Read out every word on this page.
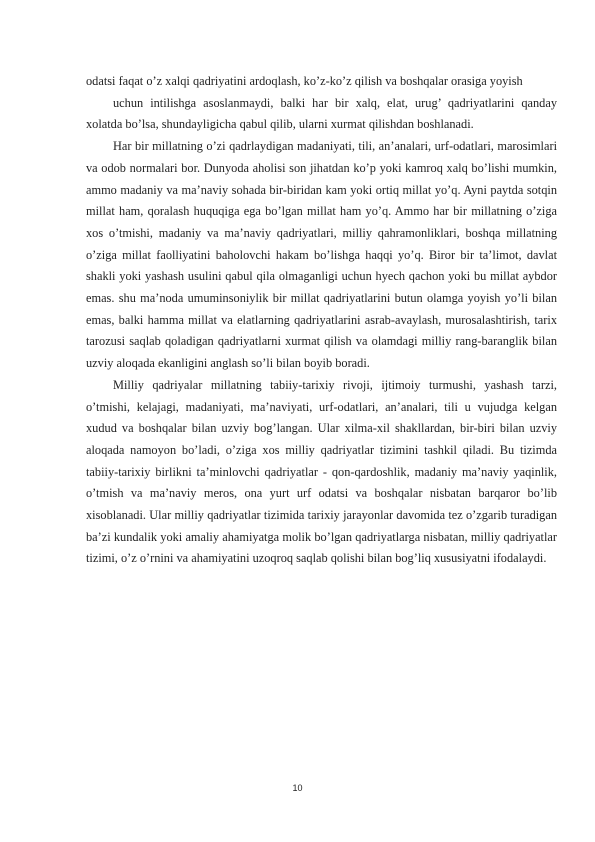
odatsi faqat o’z xalqi qadriyatini ardoqlash, ko’z-ko’z qilish va boshqalar orasiga yoyish

uchun intilishga asoslanmaydi, balki har bir xalq, elat, urug’ qadriyatlarini qanday xolatda bo’lsa, shundayligicha qabul qilib, ularni xurmat qilishdan boshlanadi.

Har bir millatning o’zi qadrlaydigan madaniyati, tili, an’analari, urf-odatlari, marosimlari va odob normalari bor. Dunyoda aholisi son jihatdan ko’p yoki kamroq xalq bo’lishi mumkin, ammo madaniy va ma’naviy sohada bir-biridan kam yoki ortiq millat yo’q. Ayni paytda sotqin millat ham, qoralash huquqiga ega bo’lgan millat ham yo’q. Ammo har bir millatning o’ziga xos o’tmishi, madaniy va ma’naviy qadriyatlari, milliy qahramonliklari, boshqa millatning o’ziga millat faolliyatini baholovchi hakam bo’lishga haqqi yo’q. Biror bir ta’limot, davlat shakli yoki yashash usulini qabul qila olmaganligi uchun hyech qachon yoki bu millat aybdor emas. shu ma’noda umuminsoniylik bir millat qadriyatlarini butun olamga yoyish yo’li bilan emas, balki hamma millat va elatlarning qadriyatlarini asrab-avaylash, murosalashtirish, tarix tarozusi saqlab qoladigan qadriyatlarni xurmat qilish va olamdagi milliy rang-baranglik bilan uzviy aloqada ekanligini anglash so’li bilan boyib boradi.

Milliy qadriyalar millatning tabiiy-tarixiy rivoji, ijtimoiy turmushi, yashash tarzi, o’tmishi, kelajagi, madaniyati, ma’naviyati, urf-odatlari, an’analari, tili u vujudga kelgan xudud va boshqalar bilan uzviy bog’langan. Ular xilma-xil shakllardan, bir-biri bilan uzviy aloqada namoyon bo’ladi, o’ziga xos milliy qadriyatlar tizimini tashkil qiladi. Bu tizimda tabiiy-tarixiy birlikni ta’minlovchi qadriyatlar - qon-qardoshlik, madaniy ma’naviy yaqinlik, o’tmish va ma’naviy meros, ona yurt urf odatsi va boshqalar nisbatan barqaror bo’lib xisoblanadi. Ular milliy qadriyatlar tizimida tarixiy jarayonlar davomida tez o’zgarib turadigan ba’zi kundalik yoki amaliy ahamiyatga molik bo’lgan qadriyatlarga nisbatan, milliy qadriyatlar tizimi, o’z o’rnini va ahamiyatini uzoqroq saqlab qolishi bilan bog’liq xususiyatni ifodalaydi.

10
